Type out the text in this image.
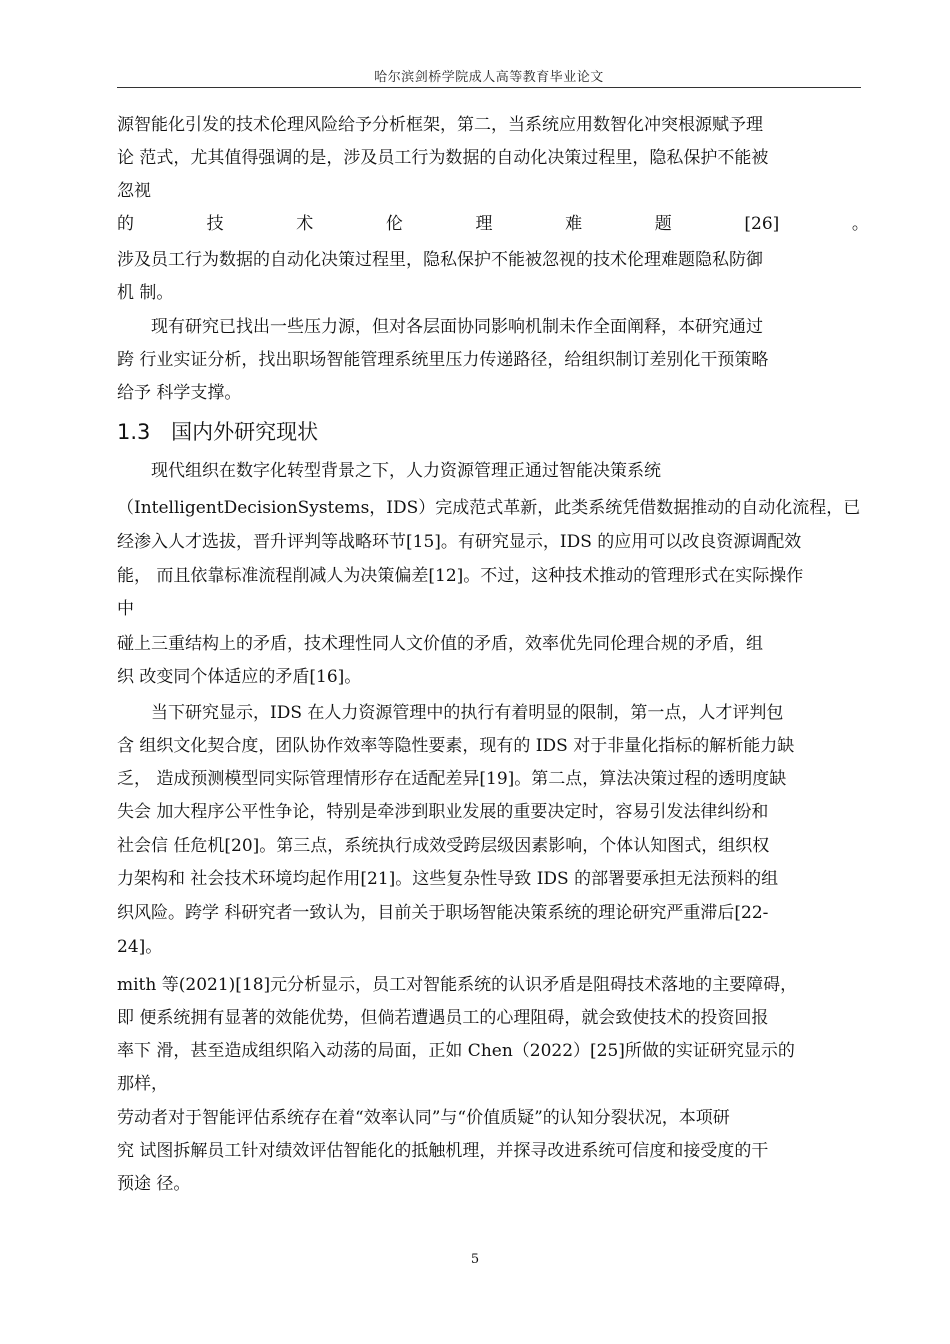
哈尔滨剑桥学院成人高等教育毕业论文
源智能化引发的技术伦理风险给予分析框架，第二，当系统应用数智化冲突根源赋予理
论 范式，尤其值得强调的是，涉及员工行为数据的自动化决策过程里，隐私保护不能被
忽视
的	技	术	伦	理	难	题	[26]	。
涉及员工行为数据的自动化决策过程里，隐私保护不能被忽视的技术伦理难题隐私防御
机 制。
现有研究已找出一些压力源，但对各层面协同影响机制未作全面阐释，本研究通过
跨 行业实证分析，找出职场智能管理系统里压力传递路径，给组织制订差别化干预策略
给予 科学支撑。
1.3 国内外研究现状
现代组织在数字化转型背景之下，人力资源管理正通过智能决策系统
（IntelligentDecisionSystems，IDS）完成范式革新，此类系统凭借数据推动的自动化流程，已
经渗入人才选拔，晋升评判等战略环节[15]。有研究显示，IDS 的应用可以改良资源调配效
能， 而且依靠标准流程削减人为决策偏差[12]。不过，这种技术推动的管理形式在实际操作
中
碰上三重结构上的矛盾，技术理性同人文价值的矛盾，效率优先同伦理合规的矛盾，组
织 改变同个体适应的矛盾[16]。
当下研究显示，IDS 在人力资源管理中的执行有着明显的限制，第一点，人才评判包
含 组织文化契合度，团队协作效率等隐性要素，现有的 IDS 对于非量化指标的解析能力缺
乏， 造成预测模型同实际管理情形存在适配差异[19]。第二点，算法决策过程的透明度缺
失会 加大程序公平性争论，特别是牵涉到职业发展的重要决定时，容易引发法律纠纷和
社会信 任危机[20]。第三点，系统执行成效受跨层级因素影响，个体认知图式，组织权
力架构和 社会技术环境均起作用[21]。这些复杂性导致 IDS 的部署要承担无法预料的组
织风险。跨学 科研究者一致认为，目前关于职场智能决策系统的理论研究严重滞后[22-
24]。
mith 等(2021)[18]元分析显示，员工对智能系统的认识矛盾是阻碍技术落地的主要障碍，
即 便系统拥有显著的效能优势，但倘若遭遇员工的心理阻碍，就会致使技术的投资回报
率下 滑，甚至造成组织陷入动荡的局面，正如 Chen（2022）[25]所做的实证研究显示的
那样，
劳动者对于智能评估系统存在着“效率认同”与“价值质疑”的认知分裂状况，本项研
究 试图拆解员工针对绩效评估智能化的抵触机理，并探寻改进系统可信度和接受度的干
预途 径。
5
